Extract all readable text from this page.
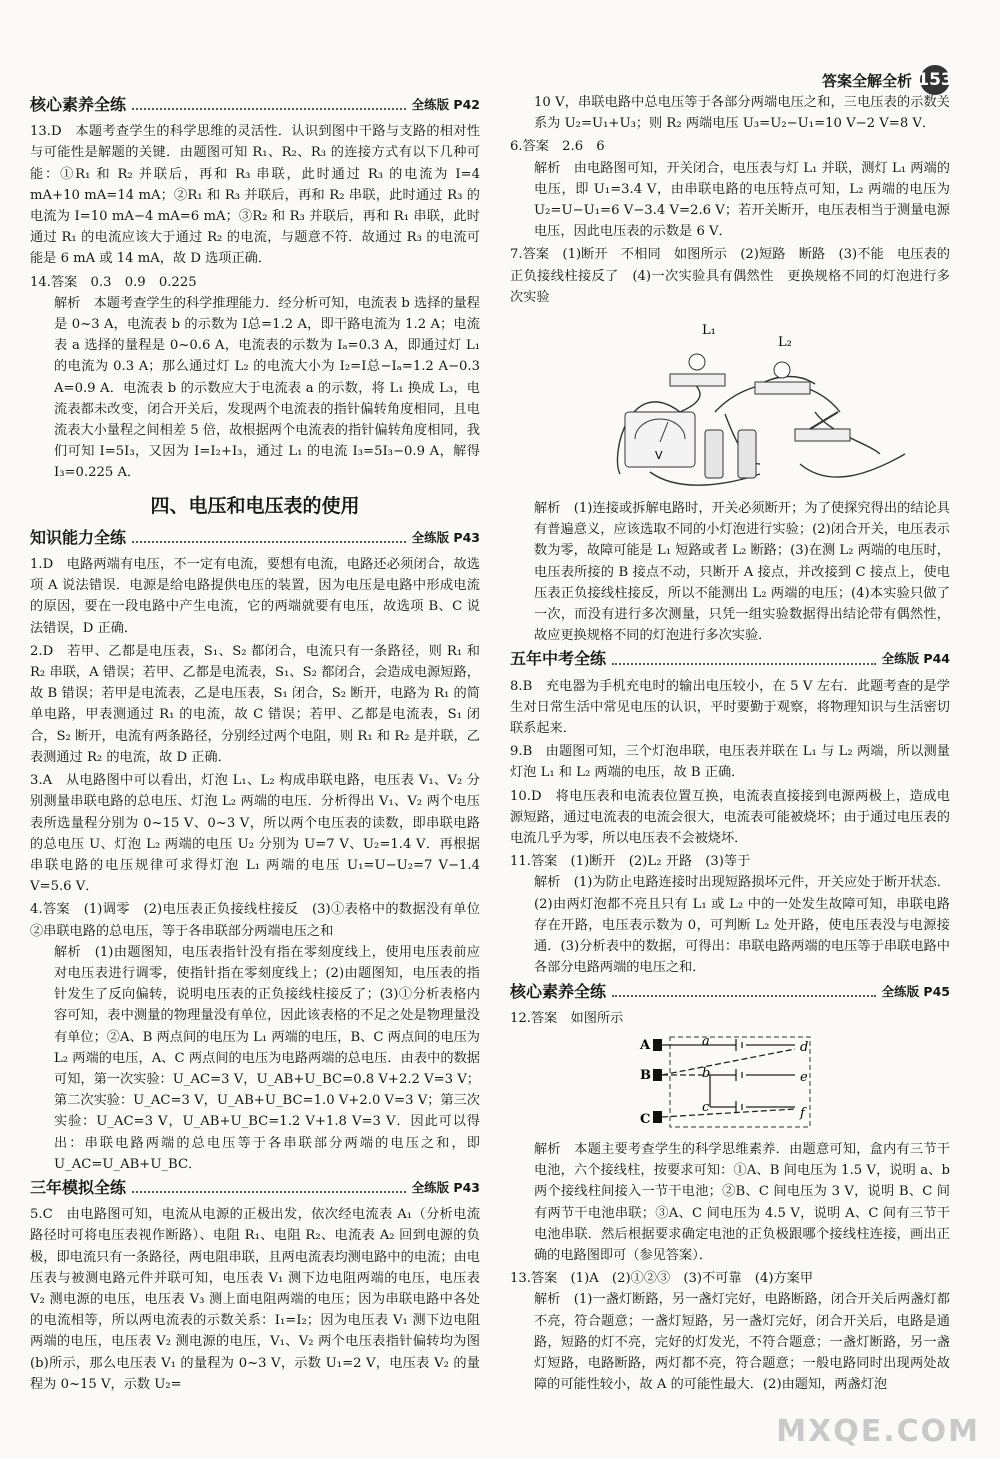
答案全解全析 153
核心素养全练	全练版 P42

13.D　本题考查学生的科学思维的灵活性．认识到图中干路与支路的相对性与可能性是解题的关键．由题图可知 R₁、R₂、R₃ 的连接方式有以下几种可能：①R₁ 和 R₂ 并联后，再和 R₃ 串联，此时通过 R₃ 的电流为 I=4 mA+10 mA=14 mA；②R₁ 和 R₃ 并联后，再和 R₂ 串联，此时通过 R₃ 的电流为 I=10 mA−4 mA=6 mA；③R₂ 和 R₃ 并联后，再和 R₁ 串联，此时通过 R₁ 的电流应该大于通过 R₂ 的电流，与题意不符．故通过 R₃ 的电流可能是 6 mA 或 14 mA，故 D 选项正确．

14.答案　0.3　0.9　0.225

解析　本题考查学生的科学推理能力．经分析可知，电流表 b 选择的量程是 0~3 A，电流表 b 的示数为 I总=1.2 A，即干路电流为 1.2 A；电流表 a 选择的量程是 0~0.6 A，电流表的示数为 Iₐ=0.3 A，即通过灯 L₁ 的电流为 0.3 A；那么通过灯 L₂ 的电流大小为 I₂=I总−Iₐ=1.2 A−0.3 A=0.9 A．电流表 b 的示数应大于电流表 a 的示数，将 L₁ 换成 L₃，电流表都未改变，闭合开关后，发现两个电流表的指针偏转角度相同，且电流表大小量程之间相差 5 倍，故根据两个电流表的指针偏转角度相同，我们可知 I=5I₃，又因为 I=I₂+I₃，通过 L₁ 的电流 I₃=5I₃−0.9 A，解得 I₃=0.225 A．

四、电压和电压表的使用
知识能力全练	全练版 P43

1.D　电路两端有电压，不一定有电流，要想有电流，电路还必须闭合，故选项 A 说法错误．电源是给电路提供电压的装置，因为电压是电路中形成电流的原因，要在一段电路中产生电流，它的两端就要有电压，故选项 B、C 说法错误，D 正确．

2.D　若甲、乙都是电压表，S₁、S₂ 都闭合，电流只有一条路径，则 R₁ 和 R₂ 串联，A 错误；若甲、乙都是电流表，S₁、S₂ 都闭合，会造成电源短路，故 B 错误；若甲是电流表，乙是电压表，S₁ 闭合，S₂ 断开，电路为 R₁ 的简单电路，甲表测通过 R₁ 的电流，故 C 错误；若甲、乙都是电流表，S₁ 闭合，S₂ 断开，电流有两条路径，分别经过两个电阻，则 R₁ 和 R₂ 是并联，乙表测通过 R₂ 的电流，故 D 正确．

3.A　从电路图中可以看出，灯泡 L₁、L₂ 构成串联电路，电压表 V₁、V₂ 分别测量串联电路的总电压、灯泡 L₂ 两端的电压．分析得出 V₁、V₂ 两个电压表所选量程分别为 0~15 V、0~3 V，所以两个电压表的读数，即串联电路的总电压 U、灯泡 L₂ 两端的电压 U₂ 分别为 U=7 V、U₂=1.4 V．再根据串联电路的电压规律可求得灯泡 L₁ 两端的电压 U₁=U−U₂=7 V−1.4 V=5.6 V．

4.答案　(1)调零　(2)电压表正负接线柱接反　(3)①表格中的数据没有单位　②串联电路的总电压，等于各串联部分两端电压之和

解析　(1)由题图知，电压表指针没有指在零刻度线上，使用电压表前应对电压表进行调零，使指针指在零刻度线上；(2)由题图知，电压表的指针发生了反向偏转，说明电压表的正负接线柱接反了；(3)①分析表格内容可知，表中测量的物理量没有单位，因此该表格的不足之处是物理量没有单位；②A、B 两点间的电压为 L₁ 两端的电压，B、C 两点间的电压为 L₂ 两端的电压，A、C 两点间的电压为电路两端的总电压．由表中的数据可知，第一次实验：U_AC=3 V，U_AB+U_BC=0.8 V+2.2 V=3 V；第二次实验：U_AC=3 V，U_AB+U_BC=1.0 V+2.0 V=3 V；第三次实验：U_AC=3 V，U_AB+U_BC=1.2 V+1.8 V=3 V．因此可以得出：串联电路两端的总电压等于各串联部分两端的电压之和，即 U_AC=U_AB+U_BC．

三年模拟全练	全练版 P43

5.C　由电路图可知，电流从电源的正极出发，依次经电流表 A₁（分析电流路径时可将电压表视作断路）、电阻 R₁、电阻 R₂、电流表 A₂ 回到电源的负极，即电流只有一条路径，两电阻串联，且两电流表均测电路中的电流；由电压表与被测电路元件并联可知，电压表 V₁ 测下边电阻两端的电压，电压表 V₂ 测电源的电压，电压表 V₃ 测上面电阻两端的电压；因为串联电路中各处的电流相等，所以两电流表的示数关系：I₁=I₂；因为电压表 V₁ 测下边电阻两端的电压，电压表 V₂ 测电源的电压，V₁、V₂ 两个电压表指针偏转均为图(b)所示，那么电压表 V₁ 的量程为 0~3 V，示数 U₁=2 V，电压表 V₂ 的量程为 0~15 V，示数 U₂=

10 V，串联电路中总电压等于各部分两端电压之和，三电压表的示数关系为 U₂=U₁+U₃；则 R₂ 两端电压 U₃=U₂−U₁=10 V−2 V=8 V．

6.答案　2.6　6

解析　由电路图可知，开关闭合，电压表与灯 L₁ 并联，测灯 L₁ 两端的电压，即 U₁=3.4 V，由串联电路的电压特点可知，L₂ 两端的电压为 U₂=U−U₁=6 V−3.4 V=2.6 V；若开关断开，电压表相当于测量电源电压，因此电压表的示数是 6 V．

7.答案　(1)断开　不相同　如图所示　(2)短路　断路　(3)不能　电压表的正负接线柱接反了　(4)一次实验具有偶然性　更换规格不同的灯泡进行多次实验

L₁
L₂
V

解析　(1)连接或拆解电路时，开关必须断开；为了使探究得出的结论具有普遍意义，应该选取不同的小灯泡进行实验；(2)闭合开关，电压表示数为零，故障可能是 L₁ 短路或者 L₂ 断路；(3)在测 L₂ 两端的电压时，电压表所接的 B 接点不动，只断开 A 接点，并改接到 C 接点上，使电压表正负接线柱接反，所以不能测出 L₂ 两端的电压；(4)本实验只做了一次，而没有进行多次测量，只凭一组实验数据得出结论带有偶然性，故应更换规格不同的灯泡进行多次实验．

五年中考全练	全练版 P44

8.B　充电器为手机充电时的输出电压较小，在 5 V 左右．此题考查的是学生对日常生活中常见电压的认识，平时要勤于观察，将物理知识与生活密切联系起来．

9.B　由题图可知，三个灯泡串联，电压表并联在 L₁ 与 L₂ 两端，所以测量灯泡 L₁ 和 L₂ 两端的电压，故 B 正确．

10.D　将电压表和电流表位置互换，电流表直接接到电源两极上，造成电源短路，通过电流表的电流会很大，电流表可能被烧坏；由于通过电压表的电流几乎为零，所以电压表不会被烧坏．

11.答案　(1)断开　(2)L₂ 开路　(3)等于

解析　(1)为防止电路连接时出现短路损坏元件，开关应处于断开状态．(2)由两灯泡都不亮且只有 L₁ 或 L₂ 中的一处发生故障可知，串联电路存在开路，电压表示数为 0，可判断 L₂ 处开路，使电压表没与电源接通．(3)分析表中的数据，可得出：串联电路两端的电压等于串联电路中各部分电路两端的电压之和．

核心素养全练	全练版 P45

12.答案　如图所示

A
B
C
a
b
c
d
e
f

解析　本题主要考查学生的科学思维素养．由题意可知，盒内有三节干电池，六个接线柱，按要求可知：①A、B 间电压为 1.5 V，说明 a、b 两个接线柱间接入一节干电池；②B、C 间电压为 3 V，说明 B、C 间有两节干电池串联；③A、C 间电压为 4.5 V，说明 A、C 间有三节干电池串联．然后根据要求确定电池的正负极跟哪个接线柱连接，画出正确的电路图即可（参见答案）．

13.答案　(1)A　(2)①②③　(3)不可靠　(4)方案甲

解析　(1)一盏灯断路，另一盏灯完好，电路断路，闭合开关后两盏灯都不亮，符合题意；一盏灯短路，另一盏灯完好，闭合开关后，电路是通路，短路的灯不亮，完好的灯发光，不符合题意；一盏灯断路，另一盏灯短路，电路断路，两灯都不亮，符合题意；一般电路同时出现两处故障的可能性较小，故 A 的可能性最大．(2)由题知，两盏灯泡

MXQE.COM
